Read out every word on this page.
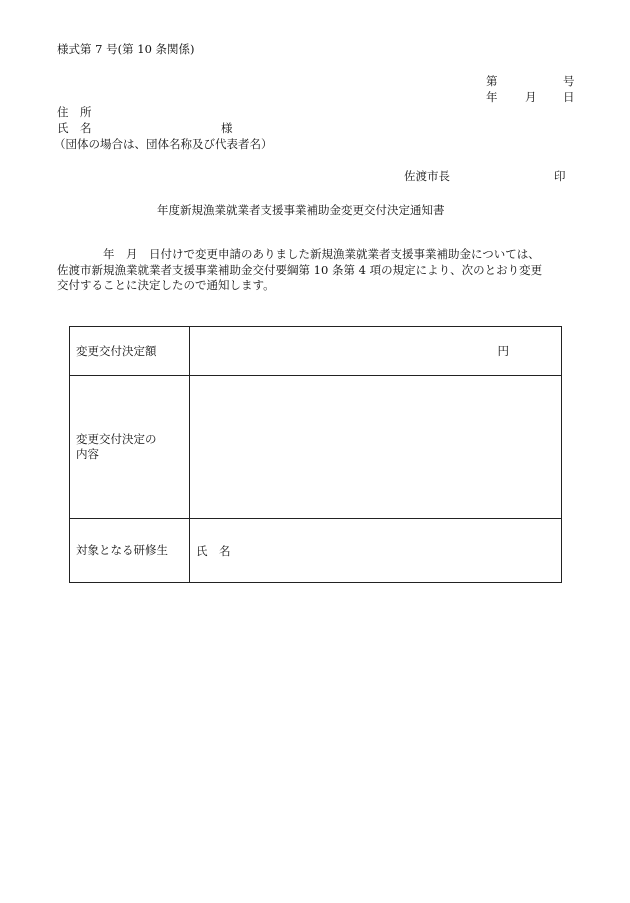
様式第 7 号(第 10 条関係)
第	号
年 月 日
住　所
氏　名	様
（団体の場合は、団体名称及び代表者名）
佐渡市長	印
年度新規漁業就業者支援事業補助金変更交付決定通知書
　　　　年　月　日付けで変更申請のありました新規漁業就業者支援事業補助金については、
佐渡市新規漁業就業者支援事業補助金交付要綱第 10 条第 4 項の規定により、次のとおり変更
交付することに決定したので通知します。
変更交付決定額	円

変更交付決定の
内容	

対象となる研修生	氏　名
